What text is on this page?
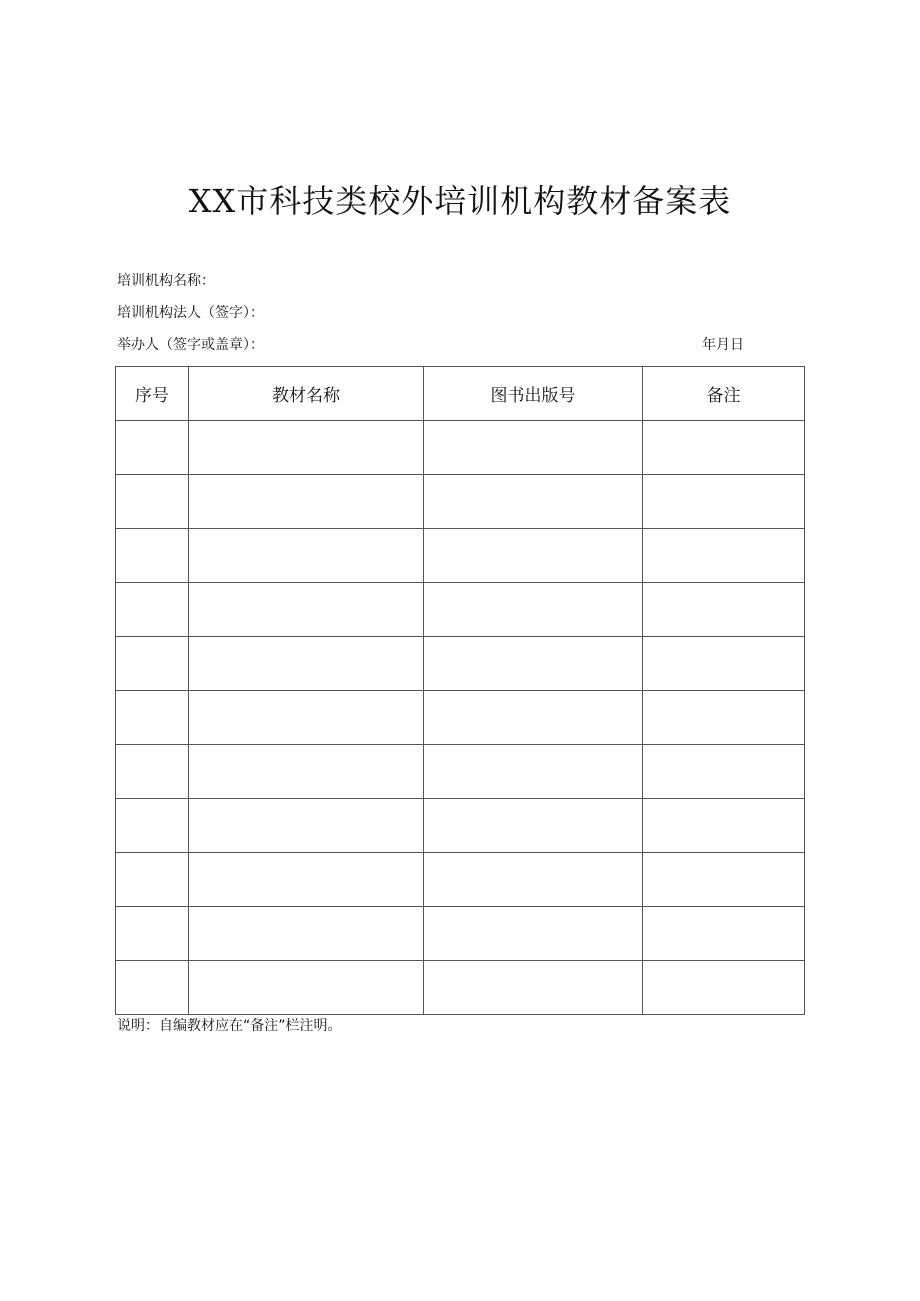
XX市科技类校外培训机构教材备案表
培训机构名称：
培训机构法人（签字）：
举办人（签字或盖章）：	年月日
序号	教材名称	图书出版号	备注

说明：自编教材应在“备注”栏注明。
